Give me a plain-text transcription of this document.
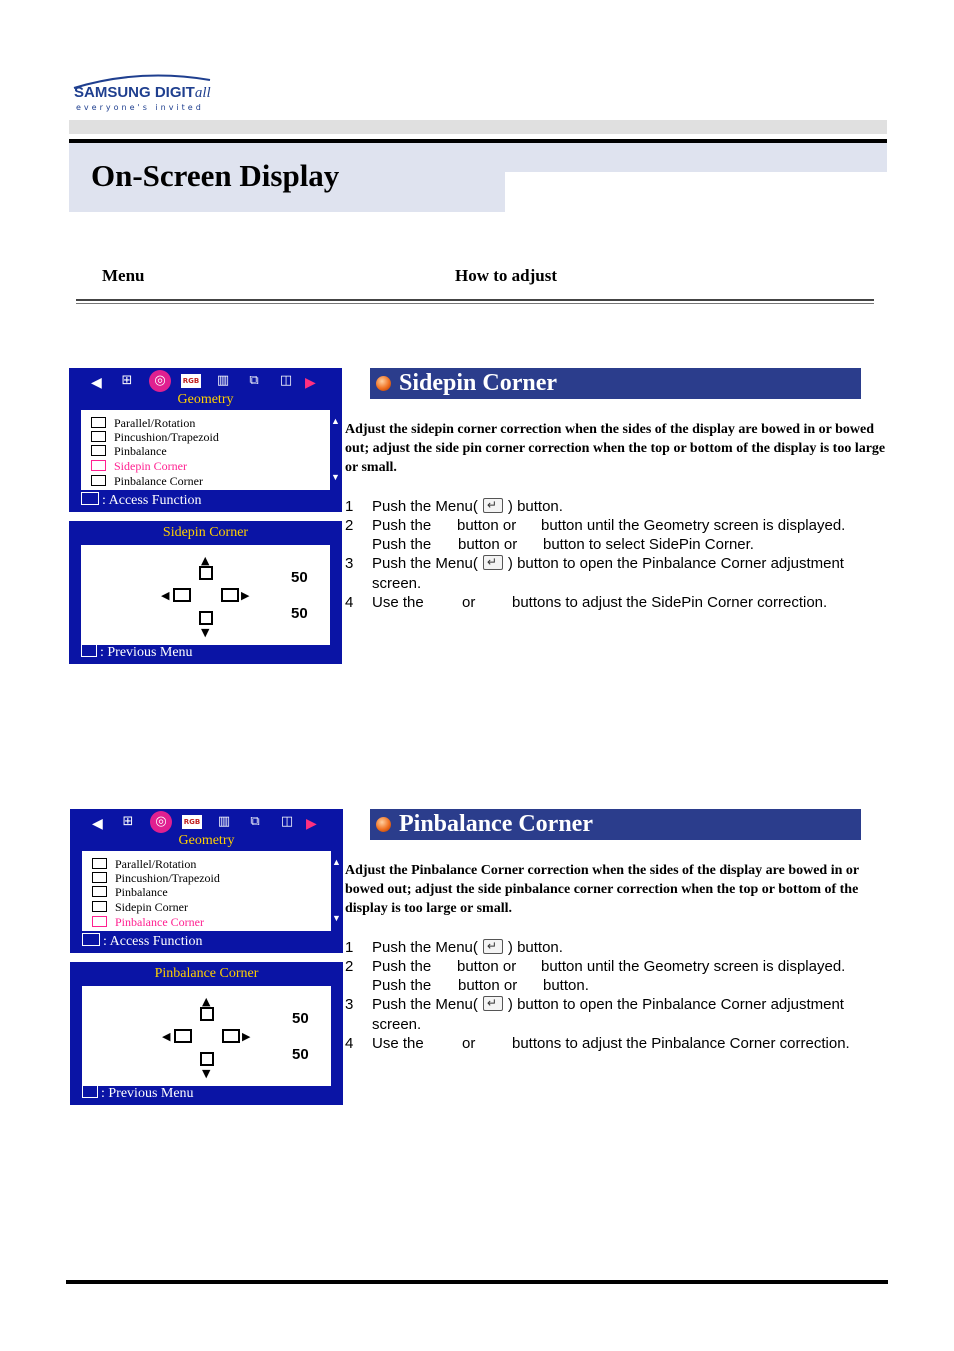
SAMSUNG DIGITall
everyone's invited
On-Screen Display
Menu	How to adjust
◀	⊞	◎	RGB ▥	⧉	◫ ▶
Geometry
Parallel/Rotation
Pincushion/Trapezoid
Pinbalance
Sidepin Corner
Pinbalance Corner
▲
▼
: Access Function
Sidepin Corner
▲
◀	▶
▼
50
50
: Previous Menu
Sidepin Corner
Adjust the sidepin corner correction when the sides of the display are bowed in or bowed out; adjust the side pin corner correction when the top or bottom of the display is too large or small.
1 Push the Menu( ↵ ) button.
2 Push the button or button until the Geometry screen is displayed.
Push the button or button to select SidePin Corner.
3 Push the Menu( ↵ ) button to open the Pinbalance Corner adjustment
screen.
4 Use the	or buttons to adjust the SidePin Corner correction.
◀	⊞	◎	RGB ▥	⧉	◫ ▶
Geometry
Parallel/Rotation
Pincushion/Trapezoid
Pinbalance
Sidepin Corner
Pinbalance Corner
▲
▼
: Access Function
Pinbalance Corner
▲
◀	▶
▼
50
50
: Previous Menu
Pinbalance Corner
Adjust the Pinbalance Corner correction when the sides of the display are bowed in or bowed out; adjust the side pinbalance corner correction when the top or bottom of the display is too large or small.
1 Push the Menu( ↵ ) button.
2 Push the button or button until the Geometry screen is displayed.
Push the button or button.
3 Push the Menu( ↵ ) button to open the Pinbalance Corner adjustment
screen.
4 Use the	or buttons to adjust the Pinbalance Corner correction.
